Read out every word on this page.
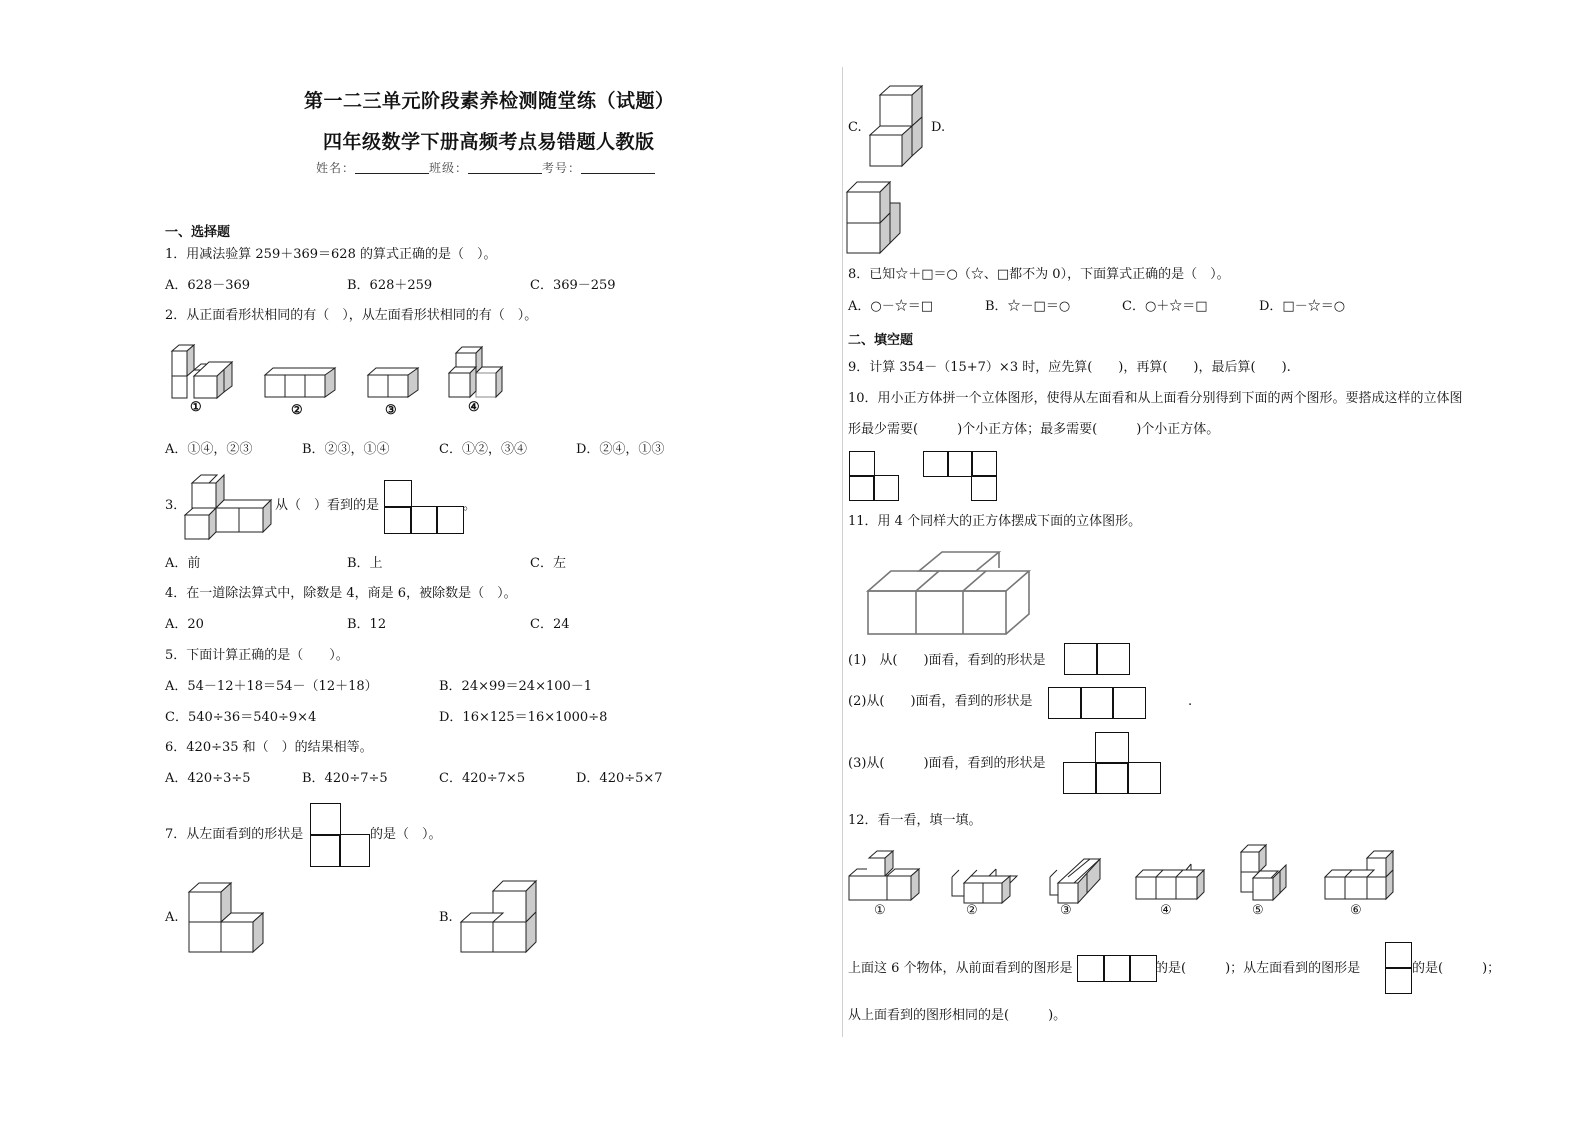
第一二三单元阶段素养检测随堂练（试题）
四年级数学下册高频考点易错题人教版
姓名：	班级：	考号：
一、选择题
1．用减法验算 259＋369＝628 的算式正确的是（　）。
A．628－369	B．628＋259	C．369－259
2．从正面看形状相同的有（　），从左面看形状相同的有（　）。
①	②	③	④
A．①④，②③	B．②③，①④	C．①②，③④	D．②④，①③
3．	从（　）看到的是	。
A．前	B．上	C．左
4．在一道除法算式中，除数是 4，商是 6，被除数是（　）。
A．20	B．12	C．24
5．下面计算正确的是（　　）。
A．54－12＋18＝54－（12＋18）	B．24×99＝24×100－1
C．540÷36＝540÷9×4	D．16×125＝16×1000÷8
6．420÷35 和（　）的结果相等。
A．420÷3÷5	B．420÷7÷5	C．420÷7×5	D．420÷5×7
7．从左面看到的形状是	的是（　）。
A.	B.
C.	D.
8．已知☆＋□＝○（☆、□都不为 0），下面算式正确的是（　）。
A．○－☆＝□	B．☆－□＝○	C．○＋☆＝□	D．□－☆＝○
二、填空题
9．计算 354－（15+7）×3 时，应先算(　　)，再算(　　)，最后算(　　).
10．用小正方体拼一个立体图形，使得从左面看和从上面看分别得到下面的两个图形。要搭成这样的立体图
形最少需要(　　　)个小正方体；最多需要(　　　)个小正方体。
11．用 4 个同样大的正方体摆成下面的立体图形。
(1)　从(　　)面看，看到的形状是
(2)从(　　)面看，看到的形状是	.
(3)从(　　　)面看，看到的形状是
12．看一看，填一填。
①	②	③	④	⑤	⑥
上面这 6 个物体，从前面看到的图形是	的是(　　　)；从左面看到的图形是	的是(　　　)；
从上面看到的图形相同的是(　　　)。
